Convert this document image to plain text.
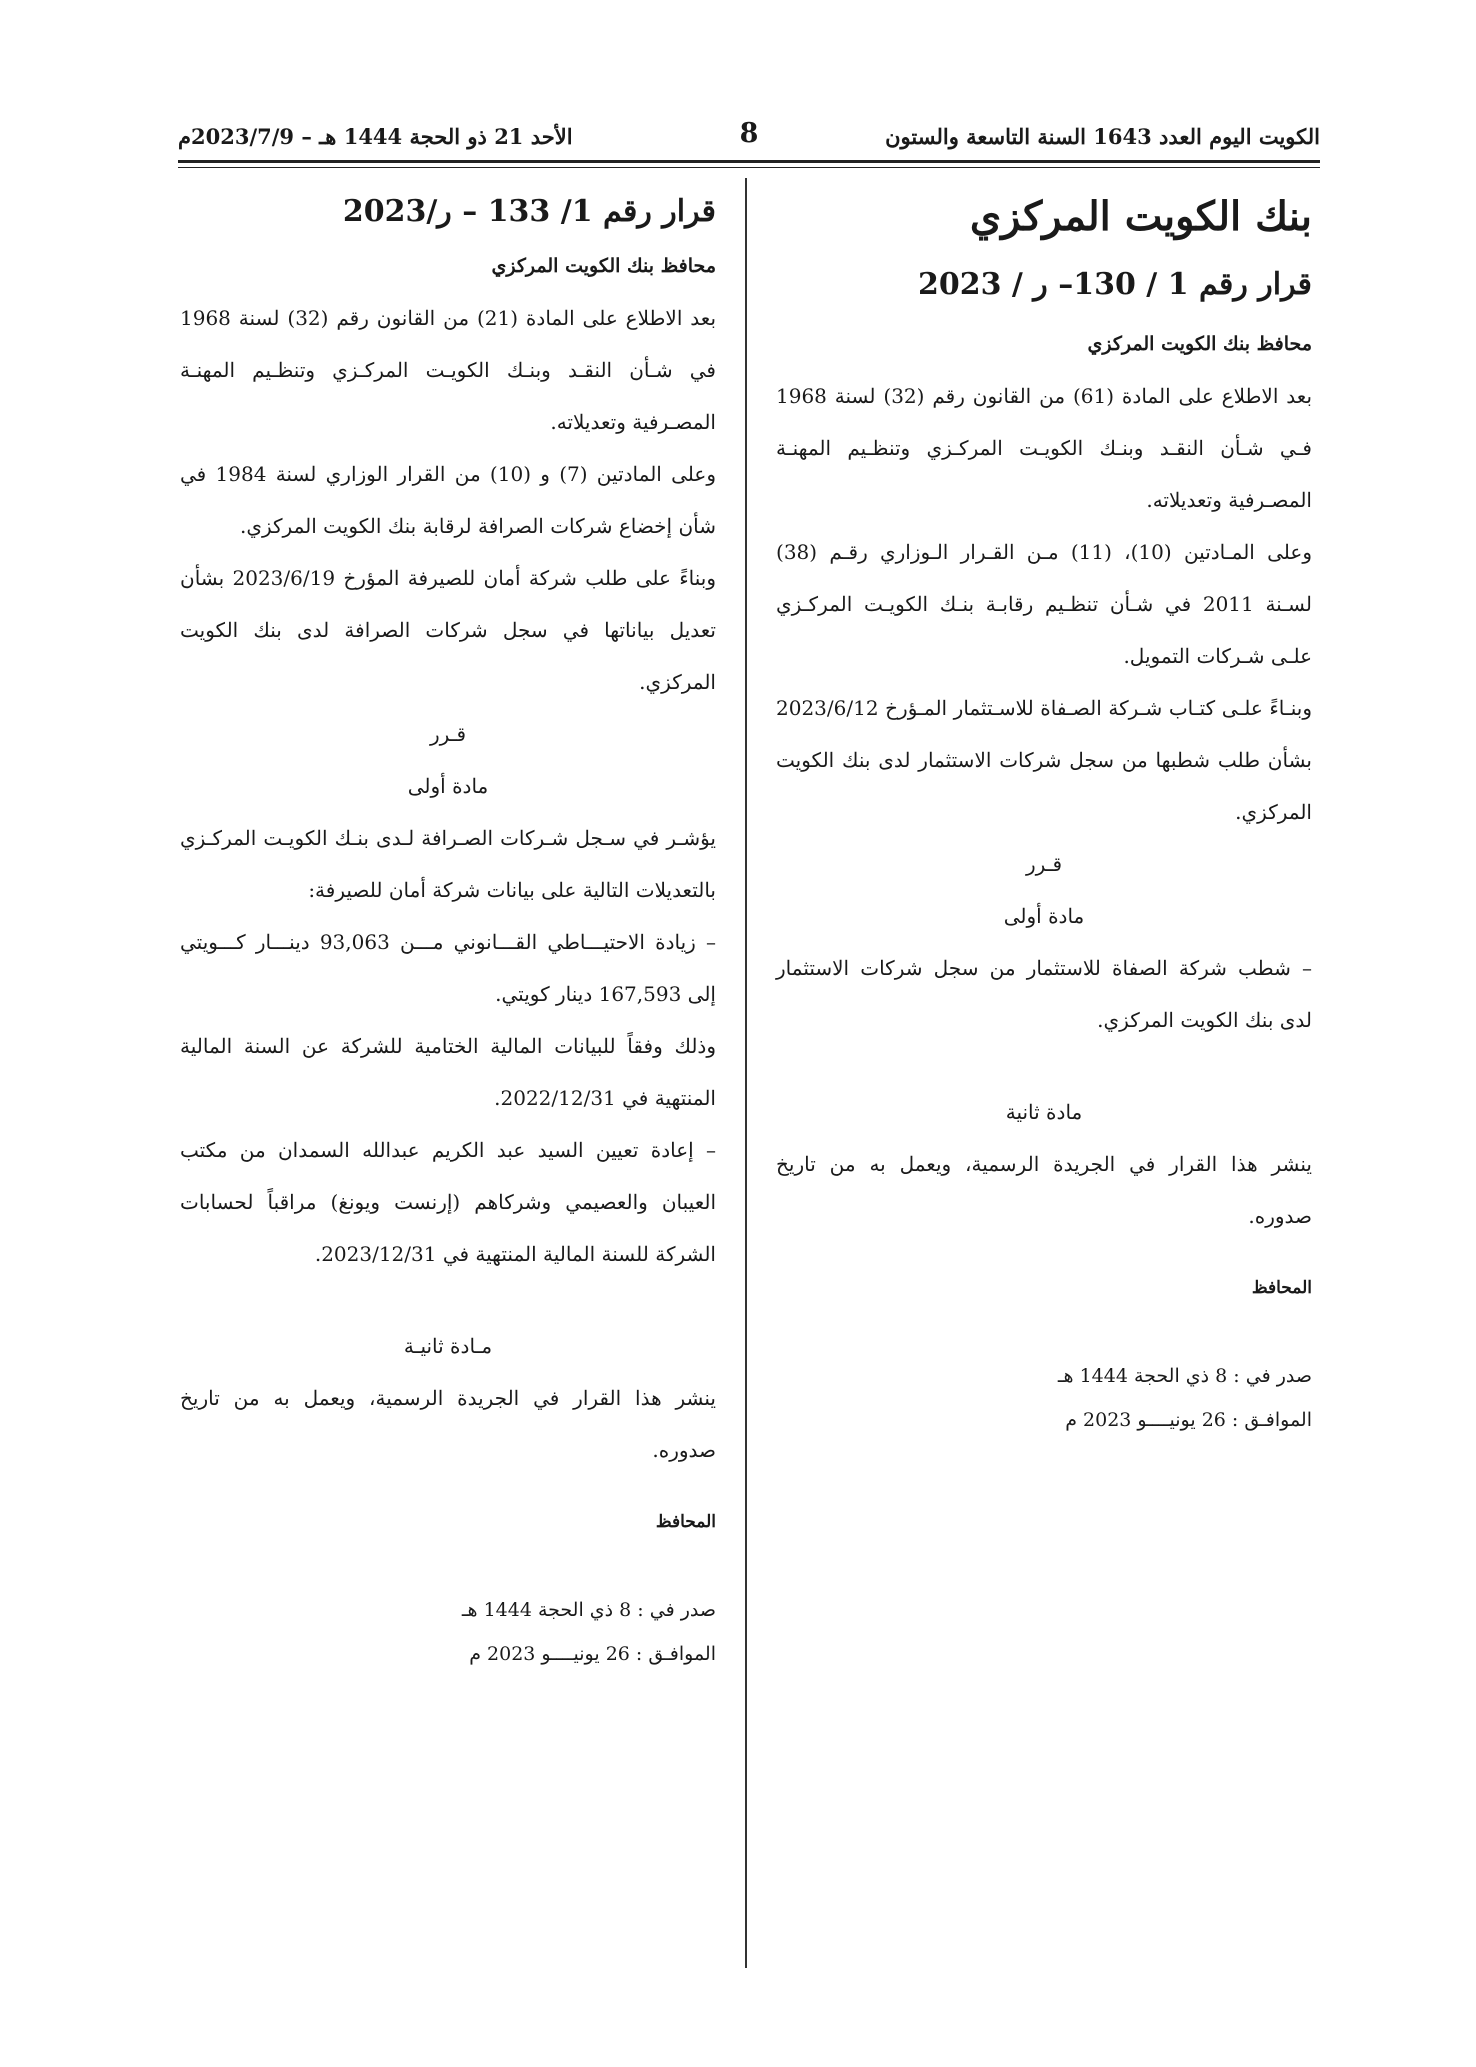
الكويت اليوم العدد 1643 السنة التاسعة والستون
8
الأحد 21 ذو الحجة 1444 هـ – 2023/7/9م

بنك الكويت المركزي

قرار رقم 1 / 130– ر / 2023

محافظ بنك الكويت المركزي

بعد الاطلاع على المادة (61) من القانون رقم (32) لسنة 1968 فـي شـأن النقـد وبنـك الكويـت المركـزي وتنظـيم المهنـة المصـرفية وتعديلاته.

وعلى المـادتين (10)، (11) مـن القـرار الـوزاري رقـم (38) لسـنة 2011 في شـأن تنظـيم رقابـة بنـك الكويـت المركـزي علـى شـركات التمويل.

وبنـاءً علـى كتـاب شـركة الصـفاة للاسـتثمار المـؤرخ 2023/6/12 بشأن طلب شطبها من سجل شركات الاستثمار لدى بنك الكويت المركزي.

قـرر

مادة أولى

– شطب شركة الصفاة للاستثمار من سجل شركات الاستثمار لدى بنك الكويت المركزي.

مادة ثانية

ينشر هذا القرار في الجريدة الرسمية، ويعمل به من تاريخ صدوره.

المحافظ

صدر في : 8 ذي الحجة 1444 هـ

الموافـق : 26 يونيــــو 2023 م

قرار رقم 1/ 133 – ر/2023

محافظ بنك الكويت المركزي

بعد الاطلاع على المادة (21) من القانون رقم (32) لسنة 1968 في شـأن النقـد وبنـك الكويـت المركـزي وتنظـيم المهنـة المصـرفية وتعديلاته.

وعلى المادتين (7) و (10) من القرار الوزاري لسنة 1984 في شأن إخضاع شركات الصرافة لرقابة بنك الكويت المركزي.

وبناءً على طلب شركة أمان للصيرفة المؤرخ 2023/6/19 بشأن تعديل بياناتها في سجل شركات الصرافة لدى بنك الكويت المركزي.

قـرر

مادة أولى

يؤشـر في سـجل شـركات الصـرافة لـدى بنـك الكويـت المركـزي بالتعديلات التالية على بيانات شركة أمان للصيرفة:

– زيادة الاحتيـــاطي القـــانوني مـــن 93,063 دينـــار كـــويتي إلى 167,593 دينار كويتي.

وذلك وفقاً للبيانات المالية الختامية للشركة عن السنة المالية المنتهية في 2022/12/31.

– إعادة تعيين السيد عبد الكريم عبدالله السمدان من مكتب العيبان والعصيمي وشركاهم (إرنست ويونغ) مراقباً لحسابات الشركة للسنة المالية المنتهية في 2023/12/31.

مـادة ثانيـة

ينشر هذا القرار في الجريدة الرسمية، ويعمل به من تاريخ صدوره.

المحافظ

صدر في : 8 ذي الحجة 1444 هـ

الموافـق : 26 يونيــــو 2023 م
